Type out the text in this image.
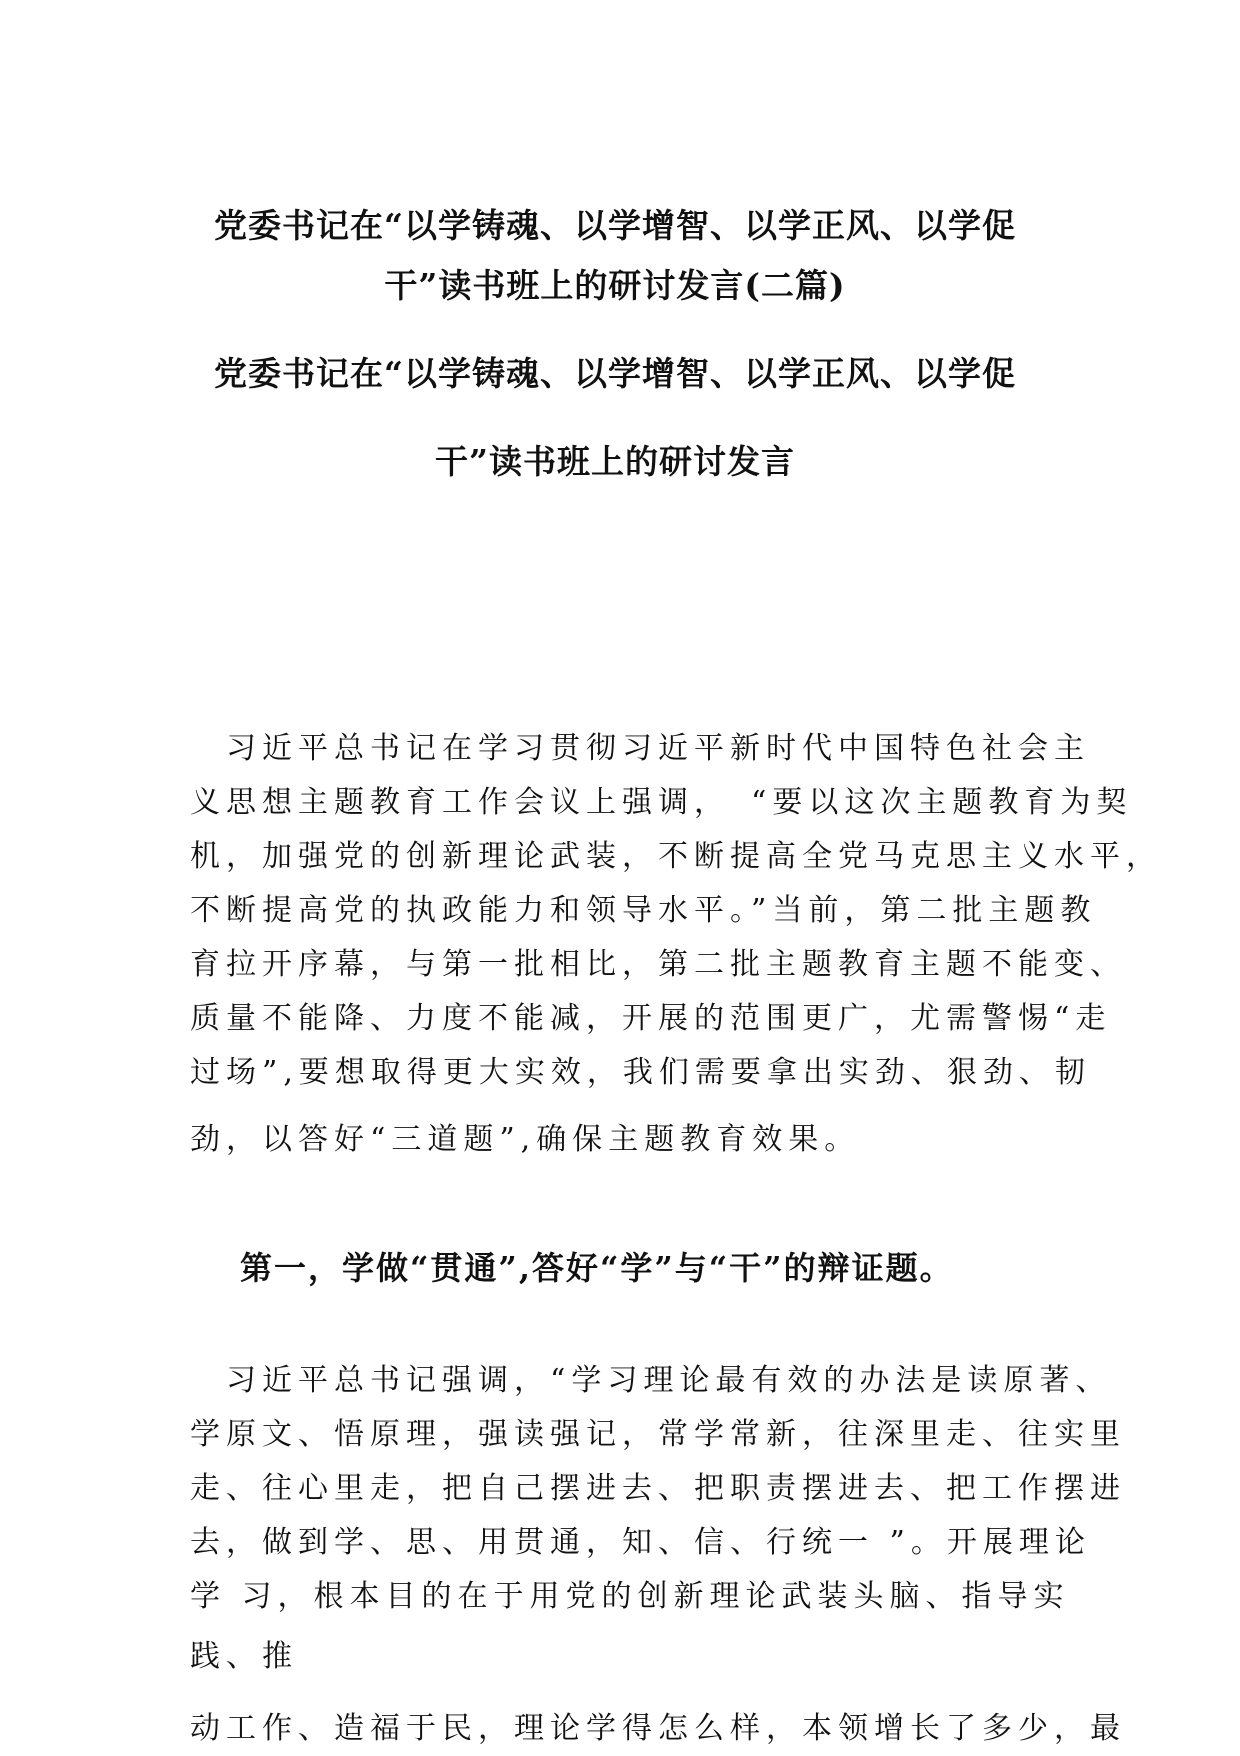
党委书记在“以学铸魂、以学增智、以学正风、以学促
干”读书班上的研讨发言(二篇)
党委书记在“以学铸魂、以学增智、以学正风、以学促
干”读书班上的研讨发言
　习近平总书记在学习贯彻习近平新时代中国特色社会主
义思想主题教育工作会议上强调，　“要以这次主题教育为契
机，加强党的创新理论武装，不断提高全党马克思主义水平，
不断提高党的执政能力和领导水平。”当前，第二批主题教
育拉开序幕，与第一批相比，第二批主题教育主题不能变、
质量不能降、力度不能减，开展的范围更广，尤需警惕“走
过场”,要想取得更大实效，我们需要拿出实劲、狠劲、韧
劲，以答好“三道题”,确保主题教育效果。
第一，学做“贯通”,答好“学”与“干”的辩证题。
　习近平总书记强调，“学习理论最有效的办法是读原著、
学原文、悟原理，强读强记，常学常新，往深里走、往实里
走、往心里走，把自己摆进去、把职责摆进去、把工作摆进
去，做到学、思、用贯通，知、信、行统一 ”。开展理论
学 习，根本目的在于用党的创新理论武装头脑、指导实
践、推
动工作、造福于民，理论学得怎么样，本领增长了多少，最
